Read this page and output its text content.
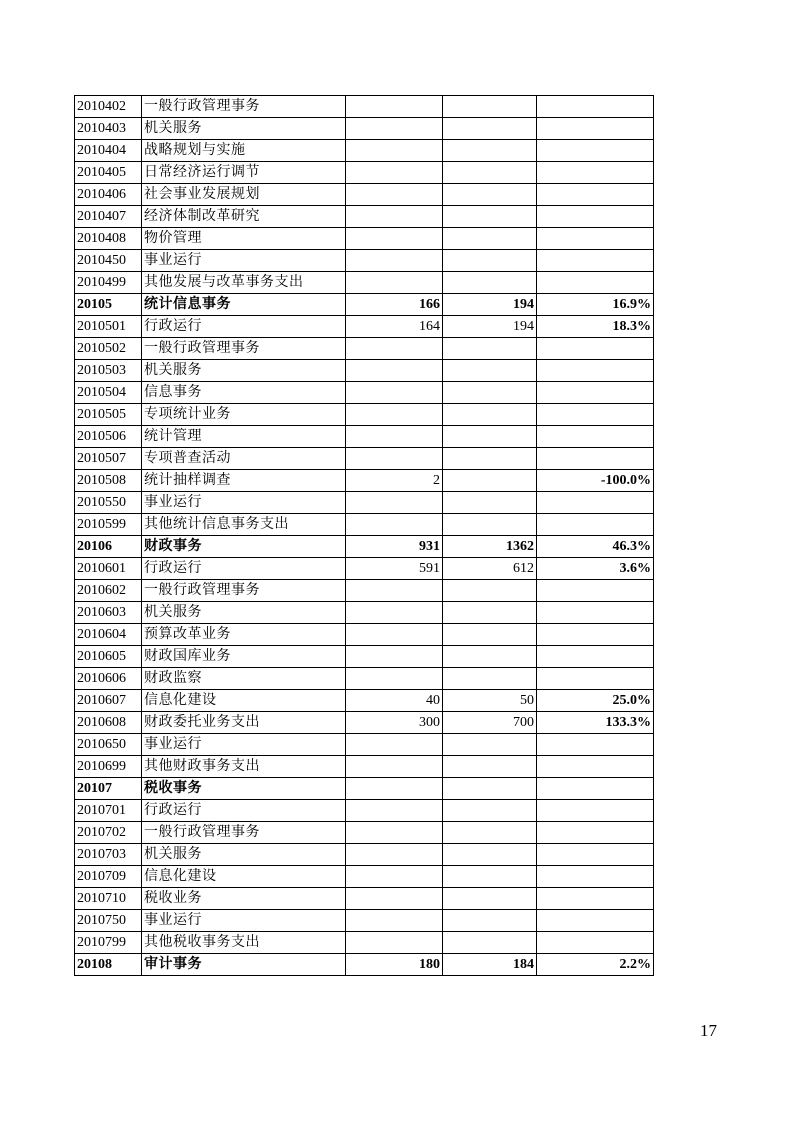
2010402	一般行政管理事务			
2010403	机关服务			
2010404	战略规划与实施			
2010405	日常经济运行调节			
2010406	社会事业发展规划			
2010407	经济体制改革研究			
2010408	物价管理			
2010450	事业运行			
2010499	其他发展与改革事务支出			
20105	统计信息事务	166	194	16.9%
2010501	行政运行	164	194	18.3%
2010502	一般行政管理事务			
2010503	机关服务			
2010504	信息事务			
2010505	专项统计业务			
2010506	统计管理			
2010507	专项普查活动			
2010508	统计抽样调查	2		-100.0%
2010550	事业运行			
2010599	其他统计信息事务支出			
20106	财政事务	931	1362	46.3%
2010601	行政运行	591	612	3.6%
2010602	一般行政管理事务			
2010603	机关服务			
2010604	预算改革业务			
2010605	财政国库业务			
2010606	财政监察			
2010607	信息化建设	40	50	25.0%
2010608	财政委托业务支出	300	700	133.3%
2010650	事业运行			
2010699	其他财政事务支出			
20107	税收事务			
2010701	行政运行			
2010702	一般行政管理事务			
2010703	机关服务			
2010709	信息化建设			
2010710	税收业务			
2010750	事业运行			
2010799	其他税收事务支出			
20108	审计事务	180	184	2.2%
17
